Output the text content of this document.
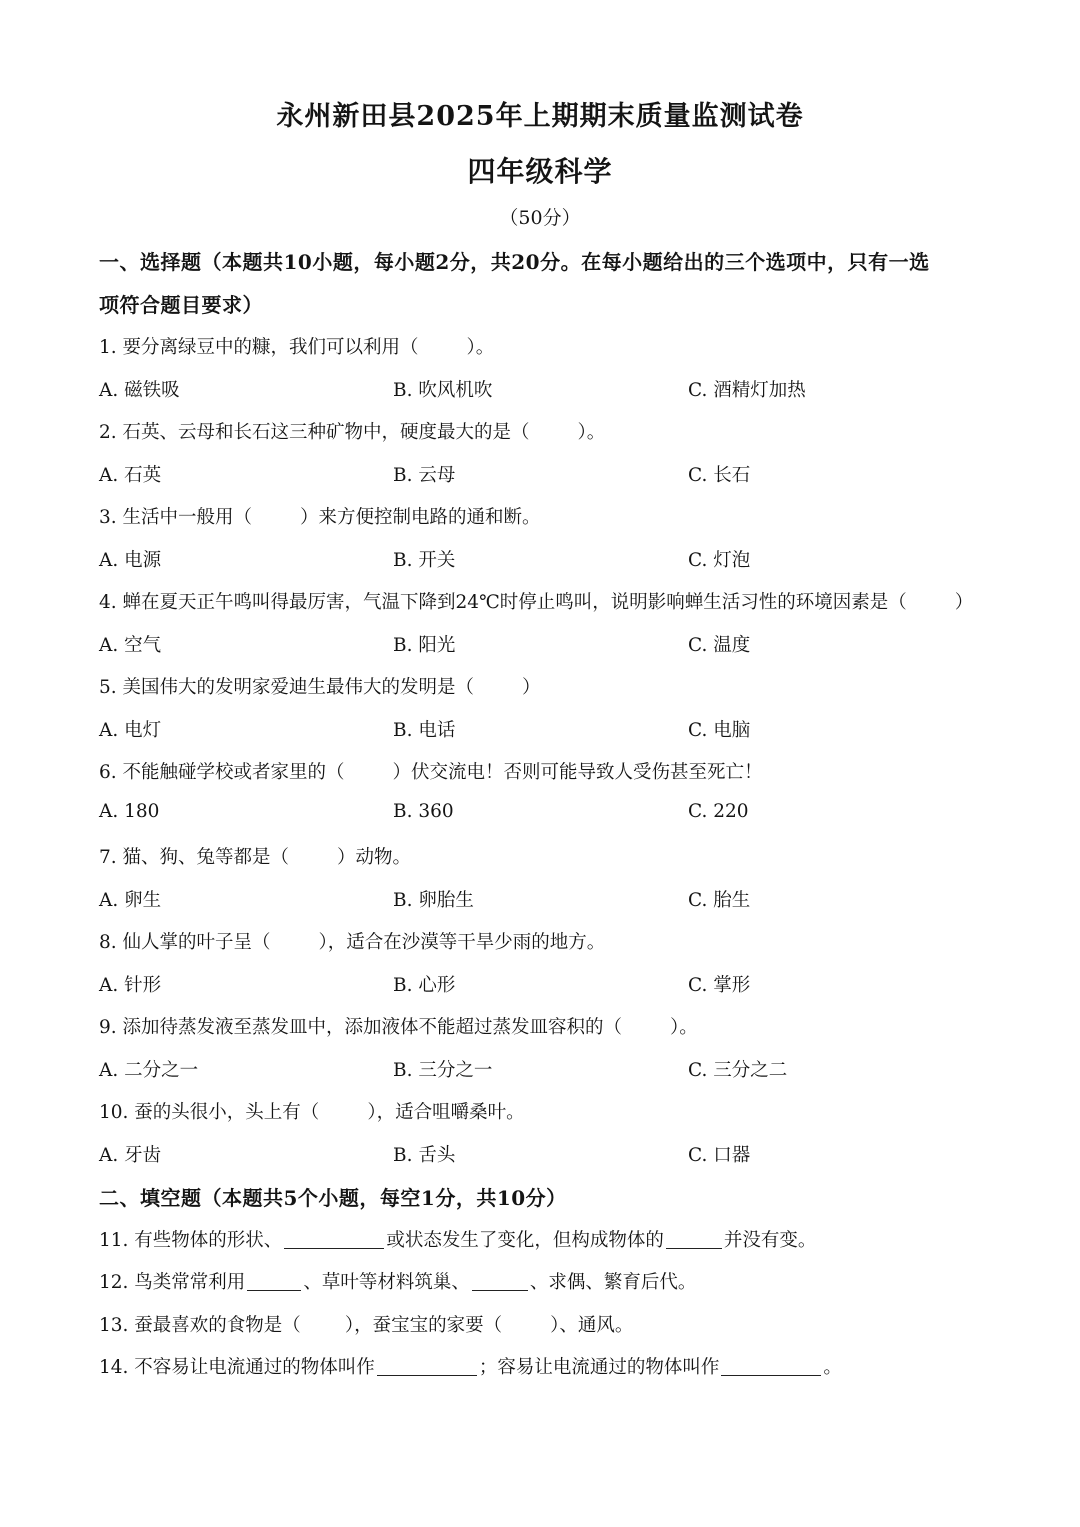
永州新田县2025年上期期末质量监测试卷
四年级科学
（50分）
一、选择题（本题共10小题，每小题2分，共20分。在每小题给出的三个选项中，只有一选
项符合题目要求）
1. 要分离绿豆中的糠，我们可以利用（	）。
A. 磁铁吸	B. 吹风机吹	C. 酒精灯加热
2. 石英、云母和长石这三种矿物中，硬度最大的是（	）。
A. 石英	B. 云母	C. 长石
3. 生活中一般用（	）来方便控制电路的通和断。
A. 电源	B. 开关	C. 灯泡
4. 蝉在夏天正午鸣叫得最厉害，气温下降到24℃时停止鸣叫，说明影响蝉生活习性的环境因素是（	）
A. 空气	B. 阳光	C. 温度
5. 美国伟大的发明家爱迪生最伟大的发明是（	）
A. 电灯	B. 电话	C. 电脑
6. 不能触碰学校或者家里的（	）伏交流电！否则可能导致人受伤甚至死亡！
A. 180	B. 360	C. 220
7. 猫、狗、兔等都是（	）动物。
A. 卵生	B. 卵胎生	C. 胎生
8. 仙人掌的叶子呈（	），适合在沙漠等干旱少雨的地方。
A. 针形	B. 心形	C. 掌形
9. 添加待蒸发液至蒸发皿中，添加液体不能超过蒸发皿容积的（	）。
A. 二分之一	B. 三分之一	C. 三分之二
10. 蚕的头很小，头上有（	），适合咀嚼桑叶。
A. 牙齿	B. 舌头	C. 口器
二、填空题（本题共5个小题，每空1分，共10分）
11. 有些物体的形状、	或状态发生了变化，但构成物体的	并没有变。
12. 鸟类常常利用	、草叶等材料筑巢、	、求偶、繁育后代。
13. 蚕最喜欢的食物是（ ），蚕宝宝的家要（	）、通风。
14. 不容易让电流通过的物体叫作	；容易让电流通过的物体叫作	。
